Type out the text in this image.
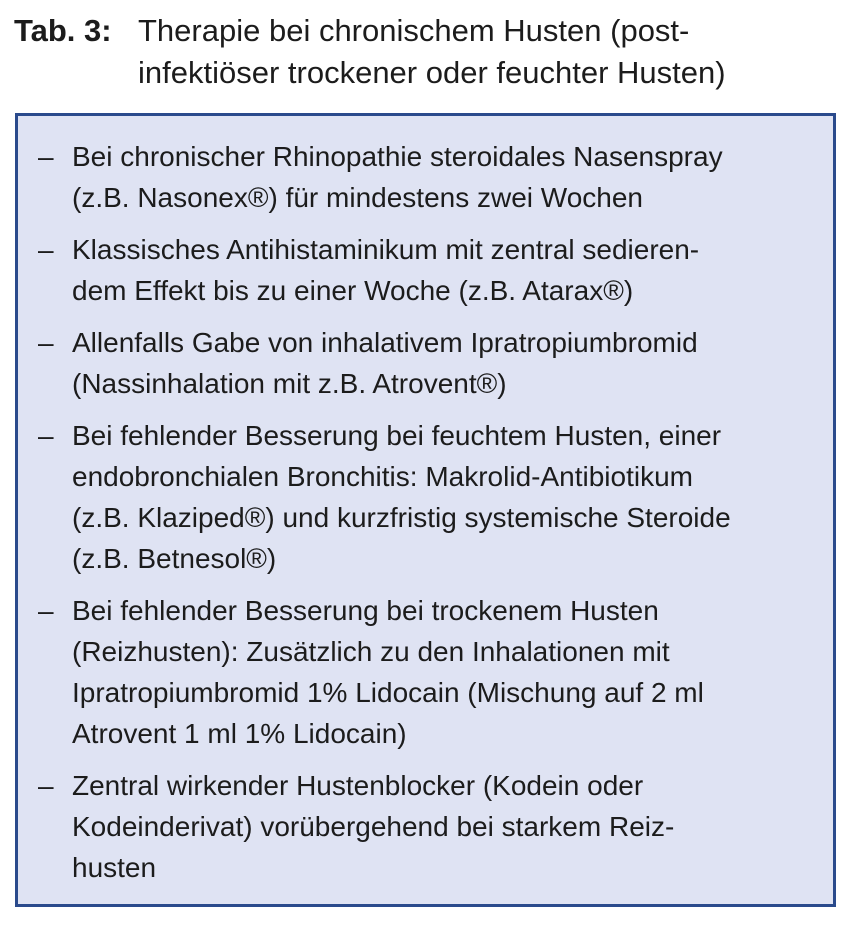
Tab. 3: Therapie bei chronischem Husten (post-
infektiöser trockener oder feuchter Husten)
– Bei chronischer Rhinopathie steroidales Nasenspray
(z.B. Nasonex®) für mindestens zwei Wochen
– Klassisches Antihistaminikum mit zentral sedieren-
dem Effekt bis zu einer Woche (z.B. Atarax®)
– Allenfalls Gabe von inhalativem Ipratropiumbromid
(Nassinhalation mit z.B. Atrovent®)
– Bei fehlender Besserung bei feuchtem Husten, einer
endobronchialen Bronchitis: Makrolid-Antibiotikum
(z.B. Klaziped®) und kurzfristig systemische Steroide
(z.B. Betnesol®)
– Bei fehlender Besserung bei trockenem Husten
(Reizhusten): Zusätzlich zu den Inhalationen mit
Ipratropiumbromid 1% Lidocain (Mischung auf 2 ml
Atrovent 1 ml 1% Lidocain)
– Zentral wirkender Hustenblocker (Kodein oder
Kodeinderivat) vorübergehend bei starkem Reiz-
husten
